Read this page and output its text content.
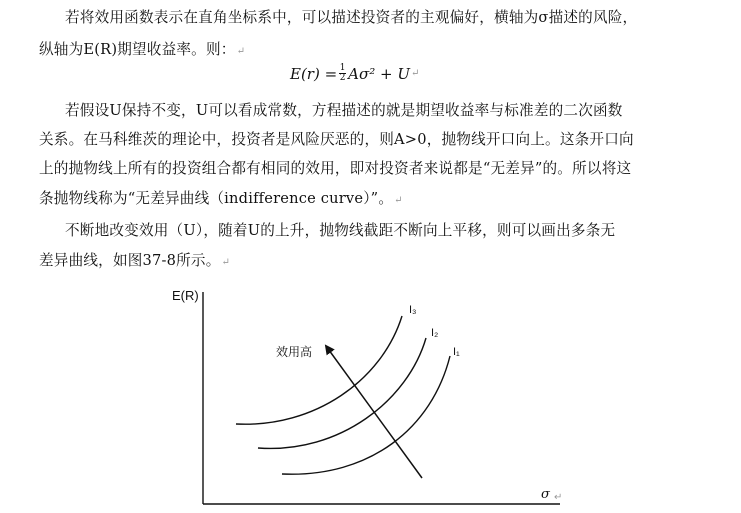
若将效用函数表示在直角坐标系中，可以描述投资者的主观偏好，横轴为σ描述的风险，
纵轴为E(R)期望收益率。则：↵
$E(r) = \frac{1}{2} A\sigma^2 + U$ ↵
若假设U保持不变，U可以看成常数，方程描述的就是期望收益率与标准差的二次函数
关系。在马科维茨的理论中，投资者是风险厌恶的，则A>0，抛物线开口向上。这条开口向
上的抛物线上所有的投资组合都有相同的效用，即对投资者来说都是“无差异”的。所以将这
条抛物线称为“无差异曲线（indifference curve）”。↵
不断地改变效用（U），随着U的上升，抛物线截距不断向上平移，则可以画出多条无
差异曲线，如图37-8所示。↵
E(R)
σ ↵
I₃
I₂
I₁
效用高
